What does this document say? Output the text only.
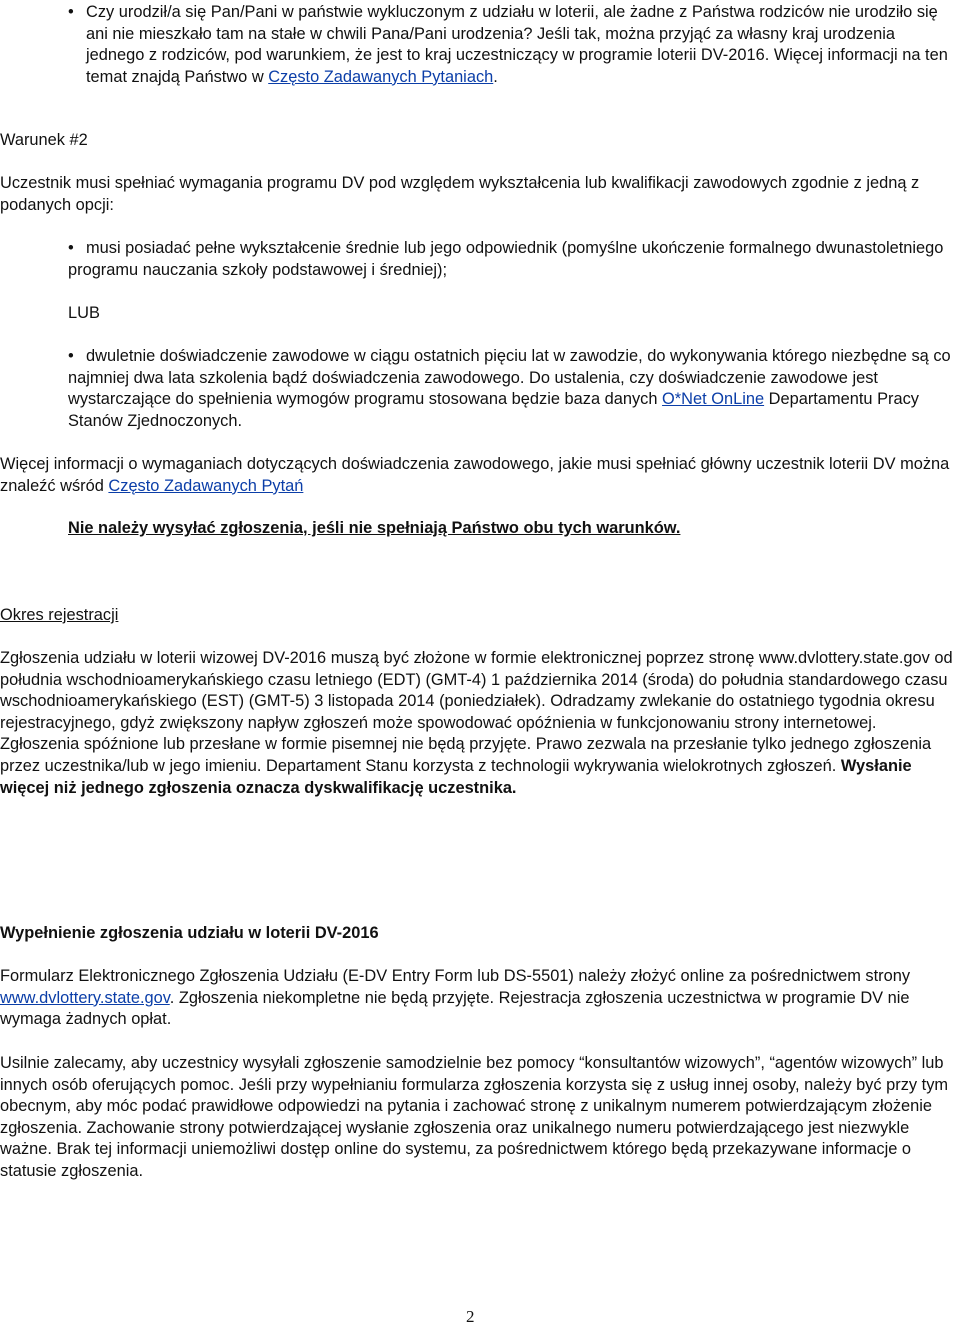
• Czy urodził/a się Pan/Pani w państwie wykluczonym z udziału w loterii, ale żadne z Państwa rodziców nie urodziło się ani nie mieszkało tam na stałe w chwili Pana/Pani urodzenia? Jeśli tak, można przyjąć za własny kraj urodzenia jednego z rodziców, pod warunkiem, że jest to kraj uczestniczący w programie loterii DV-2016. Więcej informacji na ten temat znajdą Państwo w Często Zadawanych Pytaniach.

Warunek #2

Uczestnik musi spełniać wymagania programu DV pod względem wykształcenia lub kwalifikacji zawodowych zgodnie z jedną z podanych opcji:

• musi posiadać pełne wykształcenie średnie lub jego odpowiednik (pomyślne ukończenie formalnego dwunastoletniego programu nauczania szkoły podstawowej i średniej);

LUB

• dwuletnie doświadczenie zawodowe w ciągu ostatnich pięciu lat w zawodzie, do wykonywania którego niezbędne są co najmniej dwa lata szkolenia bądź doświadczenia zawodowego. Do ustalenia, czy doświadczenie zawodowe jest wystarczające do spełnienia wymogów programu stosowana będzie baza danych O*Net OnLine Departamentu Pracy Stanów Zjednoczonych.

Więcej informacji o wymaganiach dotyczących doświadczenia zawodowego, jakie musi spełniać główny uczestnik loterii DV można znaleźć wśród Często Zadawanych Pytań

Nie należy wysyłać zgłoszenia, jeśli nie spełniają Państwo obu tych warunków.

Okres rejestracji

Zgłoszenia udziału w loterii wizowej DV-2016 muszą być złożone w formie elektronicznej poprzez stronę www.dvlottery.state.gov od południa wschodnioamerykańskiego czasu letniego (EDT) (GMT-4) 1 października 2014 (środa) do południa standardowego czasu wschodnioamerykańskiego (EST) (GMT-5) 3 listopada 2014 (poniedziałek). Odradzamy zwlekanie do ostatniego tygodnia okresu rejestracyjnego, gdyż zwiększony napływ zgłoszeń może spowodować opóźnienia w funkcjonowaniu strony internetowej. Zgłoszenia spóźnione lub przesłane w formie pisemnej nie będą przyjęte. Prawo zezwala na przesłanie tylko jednego zgłoszenia przez uczestnika/lub w jego imieniu. Departament Stanu korzysta z technologii wykrywania wielokrotnych zgłoszeń. Wysłanie więcej niż jednego zgłoszenia oznacza dyskwalifikację uczestnika.

Wypełnienie zgłoszenia udziału w loterii DV-2016

Formularz Elektronicznego Zgłoszenia Udziału (E-DV Entry Form lub DS-5501) należy złożyć online za pośrednictwem strony www.dvlottery.state.gov. Zgłoszenia niekompletne nie będą przyjęte. Rejestracja zgłoszenia uczestnictwa w programie DV nie wymaga żadnych opłat.

Usilnie zalecamy, aby uczestnicy wysyłali zgłoszenie samodzielnie bez pomocy “konsultantów wizowych”, “agentów wizowych” lub innych osób oferujących pomoc. Jeśli przy wypełnianiu formularza zgłoszenia korzysta się z usług innej osoby, należy być przy tym obecnym, aby móc podać prawidłowe odpowiedzi na pytania i zachować stronę z unikalnym numerem potwierdzającym złożenie zgłoszenia. Zachowanie strony potwierdzającej wysłanie zgłoszenia oraz unikalnego numeru potwierdzającego jest niezwykle ważne. Brak tej informacji uniemożliwi dostęp online do systemu, za pośrednictwem którego będą przekazywane informacje o statusie zgłoszenia.

2
